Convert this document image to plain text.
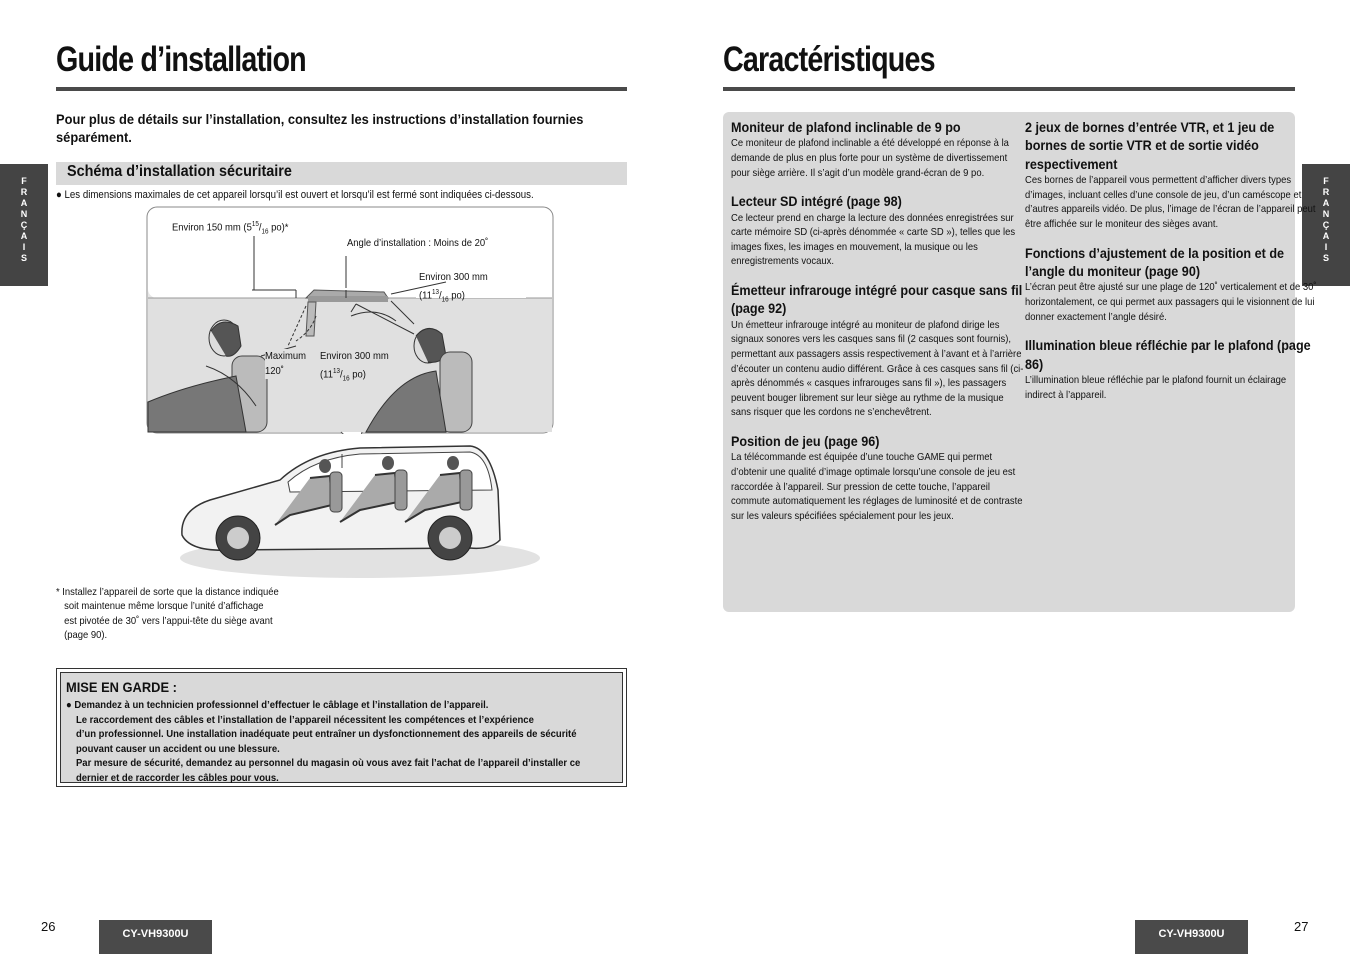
Guide d’installation
F
R
A
N
Ç
A
I
S
Pour plus de détails sur l’installation, consultez les instructions d’installation fournies séparément.
Schéma d’installation sécuritaire
● Les dimensions maximales de cet appareil lorsqu’il est ouvert et lorsqu’il est fermé sont indiquées ci-dessous.
Environ 150 mm ($5^{15}/_{16}$ po)*
Angle d’installation : Moins de 20˚
Environ 300 mm
($11^{13}/_{16}$ po)
Maximum
120˚
Environ 300 mm
($11^{13}/_{16}$ po)
* Installez l’appareil de sorte que la distance indiquée
soit maintenue même lorsque l’unité d’affichage
est pivotée de 30˚ vers l’appui-tête du siège avant
(page 90).
MISE EN GARDE :
● Demandez à un technicien professionnel d’effectuer le câblage et l’installation de l’appareil.
Le raccordement des câbles et l’installation de l’appareil nécessitent les compétences et l’expérience
d’un professionnel. Une installation inadéquate peut entraîner un dysfonctionnement des appareils de sécurité
pouvant causer un accident ou une blessure.
Par mesure de sécurité, demandez au personnel du magasin où vous avez fait l’achat de l’appareil d’installer ce
dernier et de raccorder les câbles pour vous.
26	CY-VH9300U
Caractéristiques
F
R
A
N
Ç
A
I
S
Moniteur de plafond inclinable de 9 po

Ce moniteur de plafond inclinable a été développé en réponse à la demande de plus en plus forte pour un système de divertissement pour siège arrière. Il s’agit d’un modèle grand-écran de 9 po.

Lecteur SD intégré (page 98)

Ce lecteur prend en charge la lecture des données enregistrées sur carte mémoire SD (ci-après dénommée « carte SD »), telles que les images fixes, les images en mouvement, la musique ou les enregistrements vocaux.

Émetteur infrarouge intégré pour casque sans fil (page 92)

Un émetteur infrarouge intégré au moniteur de plafond dirige les signaux sonores vers les casques sans fil (2 casques sont fournis), permettant aux passagers assis respectivement à l’avant et à l’arrière d’écouter un contenu audio différent. Grâce à ces casques sans fil (ci-après dénommés « casques infrarouges sans fil »), les passagers peuvent bouger librement sur leur siège au rythme de la musique sans risquer que les cordons ne s’enchevêtrent.

Position de jeu (page 96)

La télécommande est équipée d’une touche GAME qui permet d’obtenir une qualité d’image optimale lorsqu’une console de jeu est raccordée à l’appareil. Sur pression de cette touche, l’appareil commute automatiquement les réglages de luminosité et de contraste sur les valeurs spécifiées spécialement pour les jeux.

2 jeux de bornes d’entrée VTR, et 1 jeu de bornes de sortie VTR et de sortie vidéo respectivement

Ces bornes de l’appareil vous permettent d’afficher divers types d’images, incluant celles d’une console de jeu, d’un caméscope et d’autres appareils vidéo. De plus, l’image de l’écran de l’appareil peut être affichée sur le moniteur des sièges avant.

Fonctions d’ajustement de la position et de l’angle du moniteur (page 90)

L’écran peut être ajusté sur une plage de 120˚ verticalement et de 30˚ horizontalement, ce qui permet aux passagers qui le visionnent de lui donner exactement l’angle désiré.

Illumination bleue réfléchie par le plafond (page 86)

L’illumination bleue réfléchie par le plafond fournit un éclairage indirect à l’appareil.

27
CY-VH9300U
